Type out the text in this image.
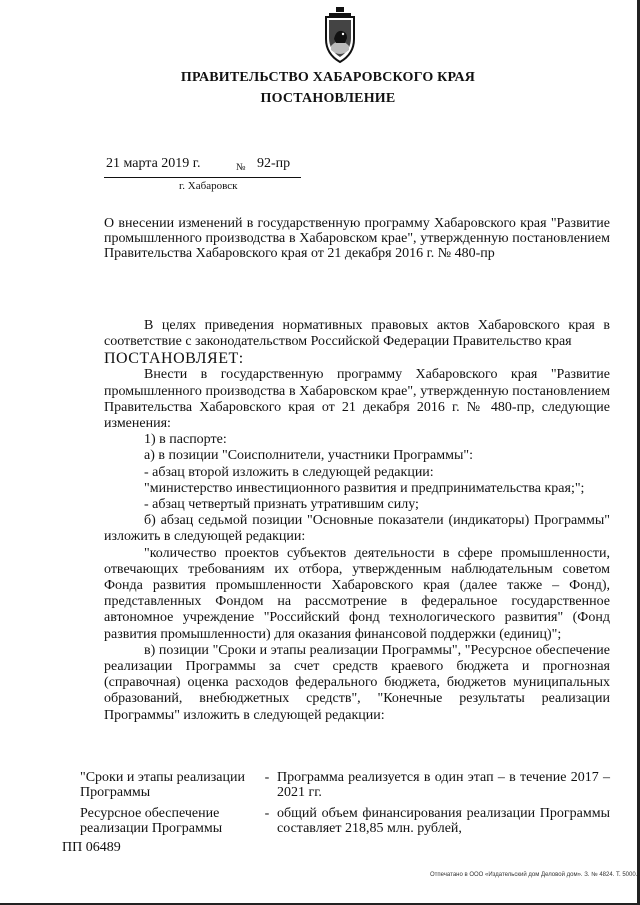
ПРАВИТЕЛЬСТВО ХАБАРОВСКОГО КРАЯ
ПОСТАНОВЛЕНИЕ
21 марта 2019 г.	№ 92-пр
г. Хабаровск
О внесении изменений в государственную программу Хабаровского края "Развитие промышленного производства в Хабаровском крае", утвержденную постановлением Правительства Хабаровского края от 21 декабря 2016 г. № 480-пр

В целях приведения нормативных правовых актов Хабаровского края в соответствие с законодательством Российской Федерации Правительство края

ПОСТАНОВЛЯЕТ:

Внести в государственную программу Хабаровского края "Развитие промышленного производства в Хабаровском крае", утвержденную постановлением Правительства Хабаровского края от 21 декабря 2016 г. № 480-пр, следующие изменения:

1) в паспорте:

а) в позиции "Соисполнители, участники Программы":

- абзац второй изложить в следующей редакции:

"министерство инвестиционного развития и предпринимательства края;";

- абзац четвертый признать утратившим силу;

б) абзац седьмой позиции "Основные показатели (индикаторы) Программы" изложить в следующей редакции:

"количество проектов субъектов деятельности в сфере промышленности, отвечающих требованиям их отбора, утвержденным наблюдательным советом Фонда развития промышленности Хабаровского края (далее также – Фонд), представленных Фондом на рассмотрение в федеральное государственное автономное учреждение "Российский фонд технологического развития" (Фонд развития промышленности) для оказания финансовой поддержки (единиц)";

в) позиции "Сроки и этапы реализации Программы", "Ресурсное обеспечение реализации Программы за счет средств краевого бюджета и прогнозная (справочная) оценка расходов федерального бюджета, бюджетов муниципальных образований, внебюджетных средств", "Конечные результаты реализации Программы" изложить в следующей редакции:

"Сроки и этапы реализации Программы
- Программа реализуется в один этап – в течение 2017 – 2021 гг.
Ресурсное обеспечение реализации Программы
- общий объем финансирования реализации Программы составляет 218,85 млн. рублей,
ПП 06489
Отпечатано в ООО «Издательский дом Деловой дом». З. № 4824. Т. 5000.
